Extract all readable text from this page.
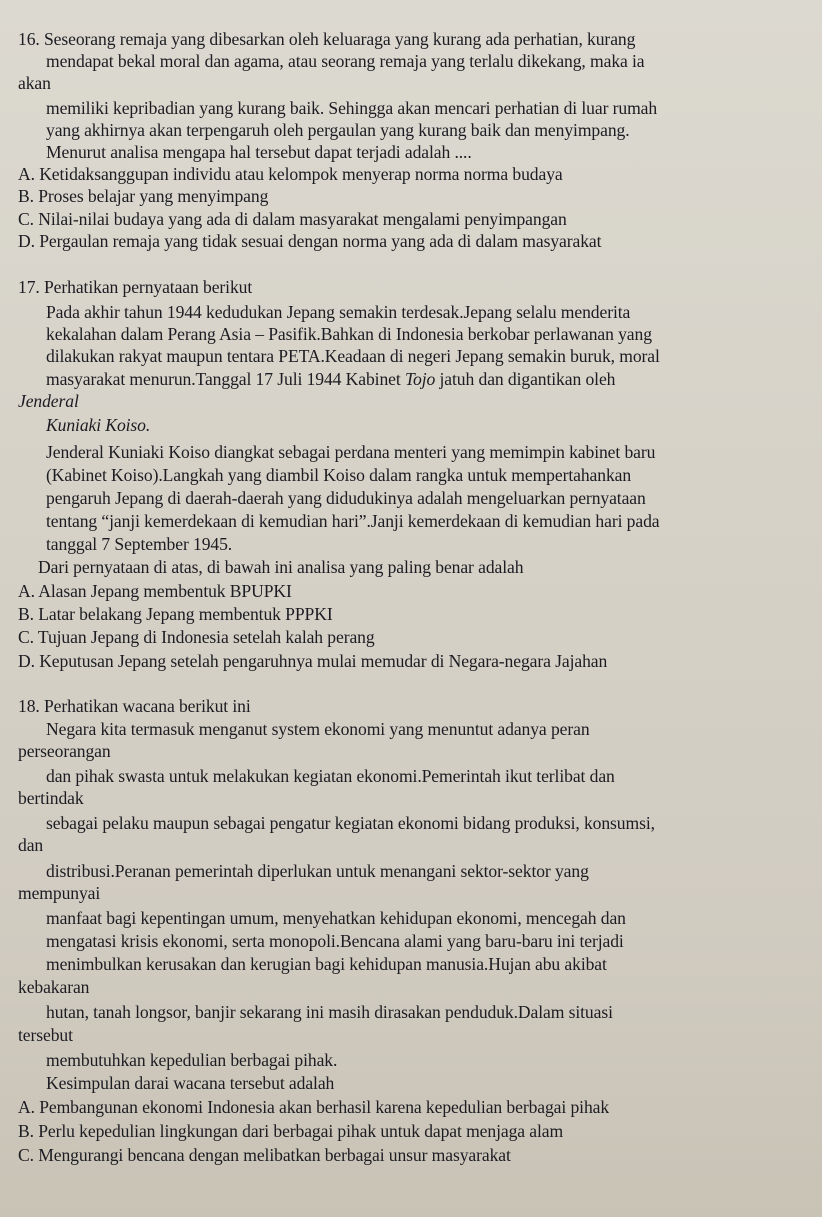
16. Seseorang remaja yang dibesarkan oleh keluaraga yang kurang ada perhatian, kurang
mendapat bekal moral dan agama, atau seorang remaja yang terlalu dikekang, maka ia
akan
memiliki kepribadian yang kurang baik. Sehingga akan mencari perhatian di luar rumah
yang akhirnya akan terpengaruh oleh pergaulan yang kurang baik dan menyimpang.
Menurut analisa mengapa hal tersebut dapat terjadi adalah ....
A. Ketidaksanggupan individu atau kelompok menyerap norma norma budaya
B. Proses belajar yang menyimpang
C. Nilai-nilai budaya yang ada di dalam masyarakat mengalami penyimpangan
D. Pergaulan remaja yang tidak sesuai dengan norma yang ada di dalam masyarakat
17. Perhatikan pernyataan berikut
Pada akhir tahun 1944 kedudukan Jepang semakin terdesak.Jepang selalu menderita
kekalahan dalam Perang Asia – Pasifik.Bahkan di Indonesia berkobar perlawanan yang
dilakukan rakyat maupun tentara PETA.Keadaan di negeri Jepang semakin buruk, moral
masyarakat menurun.Tanggal 17 Juli 1944 Kabinet Tojo jatuh dan digantikan oleh
Jenderal
Kuniaki Koiso.
Jenderal Kuniaki Koiso diangkat sebagai perdana menteri yang memimpin kabinet baru
(Kabinet Koiso).Langkah yang diambil Koiso dalam rangka untuk mempertahankan
pengaruh Jepang di daerah-daerah yang didudukinya adalah mengeluarkan pernyataan
tentang “janji kemerdekaan di kemudian hari”.Janji kemerdekaan di kemudian hari pada
tanggal 7 September 1945.
Dari pernyataan di atas, di bawah ini analisa yang paling benar adalah
A. Alasan Jepang membentuk BPUPKI
B. Latar belakang Jepang membentuk PPPKI
C. Tujuan Jepang di Indonesia setelah kalah perang
D. Keputusan Jepang setelah pengaruhnya mulai memudar di Negara-negara Jajahan
18. Perhatikan wacana berikut ini
Negara kita termasuk menganut system ekonomi yang menuntut adanya peran
perseorangan
dan pihak swasta untuk melakukan kegiatan ekonomi.Pemerintah ikut terlibat dan
bertindak
sebagai pelaku maupun sebagai pengatur kegiatan ekonomi bidang produksi, konsumsi,
dan
distribusi.Peranan pemerintah diperlukan untuk menangani sektor-sektor yang
mempunyai
manfaat bagi kepentingan umum, menyehatkan kehidupan ekonomi, mencegah dan
mengatasi krisis ekonomi, serta monopoli.Bencana alami yang baru-baru ini terjadi
menimbulkan kerusakan dan kerugian bagi kehidupan manusia.Hujan abu akibat
kebakaran
hutan, tanah longsor, banjir sekarang ini masih dirasakan penduduk.Dalam situasi
tersebut
membutuhkan kepedulian berbagai pihak.
Kesimpulan darai wacana tersebut adalah
A. Pembangunan ekonomi Indonesia akan berhasil karena kepedulian berbagai pihak
B. Perlu kepedulian lingkungan dari berbagai pihak untuk dapat menjaga alam
C. Mengurangi bencana dengan melibatkan berbagai unsur masyarakat
